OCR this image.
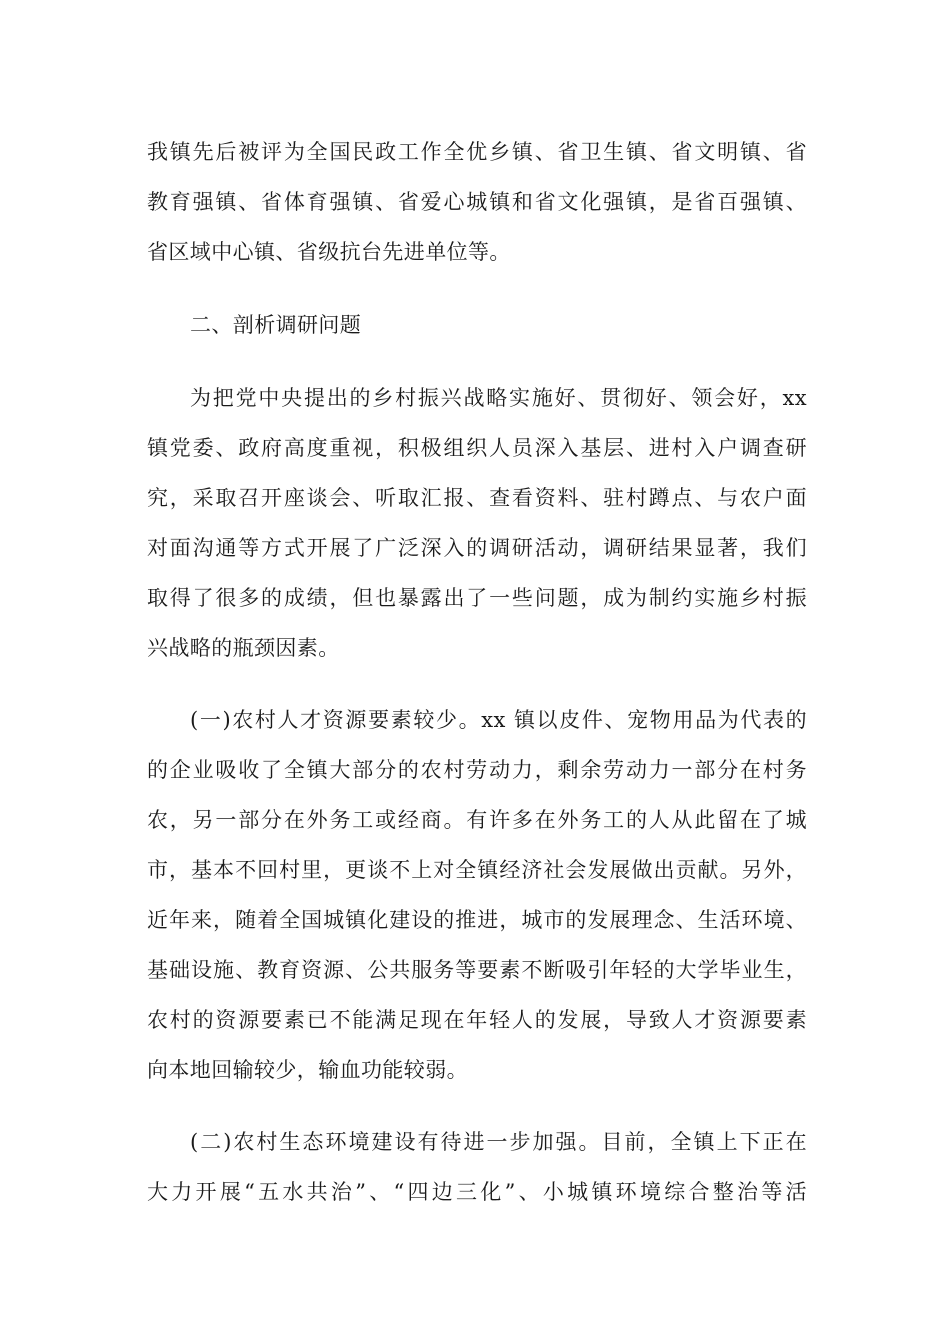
我镇先后被评为全国民政工作全优乡镇、省卫生镇、省文明镇、省
教育强镇、省体育强镇、省爱心城镇和省文化强镇，是省百强镇、
省区域中心镇、省级抗台先进单位等。
二、剖析调研问题
为把党中央提出的乡村振兴战略实施好、贯彻好、领会好，xx
镇党委、政府高度重视，积极组织人员深入基层、进村入户调查研
究，采取召开座谈会、听取汇报、查看资料、驻村蹲点、与农户面
对面沟通等方式开展了广泛深入的调研活动，调研结果显著，我们
取得了很多的成绩，但也暴露出了一些问题，成为制约实施乡村振
兴战略的瓶颈因素。
(一)农村人才资源要素较少。xx 镇以皮件、宠物用品为代表的
的企业吸收了全镇大部分的农村劳动力，剩余劳动力一部分在村务
农，另一部分在外务工或经商。有许多在外务工的人从此留在了城
市，基本不回村里，更谈不上对全镇经济社会发展做出贡献。另外，
近年来，随着全国城镇化建设的推进，城市的发展理念、生活环境、
基础设施、教育资源、公共服务等要素不断吸引年轻的大学毕业生，
农村的资源要素已不能满足现在年轻人的发展，导致人才资源要素
向本地回输较少，输血功能较弱。
(二)农村生态环境建设有待进一步加强。目前，全镇上下正在
大力开展“五水共治”、“四边三化”、小城镇环境综合整治等活
